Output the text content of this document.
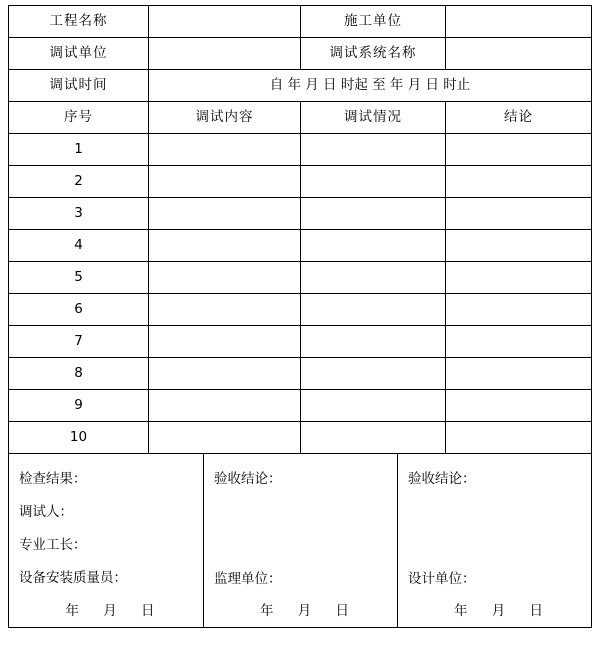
工程名称		施工单位	
调试单位		调试系统名称	
调试时间	自 年 月 日 时起 至 年 月 日 时止		
序号	调试内容	调试情况	结论
1			
2			
3			
4			
5			
6			
7			
8			
9			
10			
检查结果：
调试人：
专业工长：
设备安装质量员：
年 月 日

验收结论：
监理单位：
年 月 日

验收结论：
设计单位：
年 月 日
